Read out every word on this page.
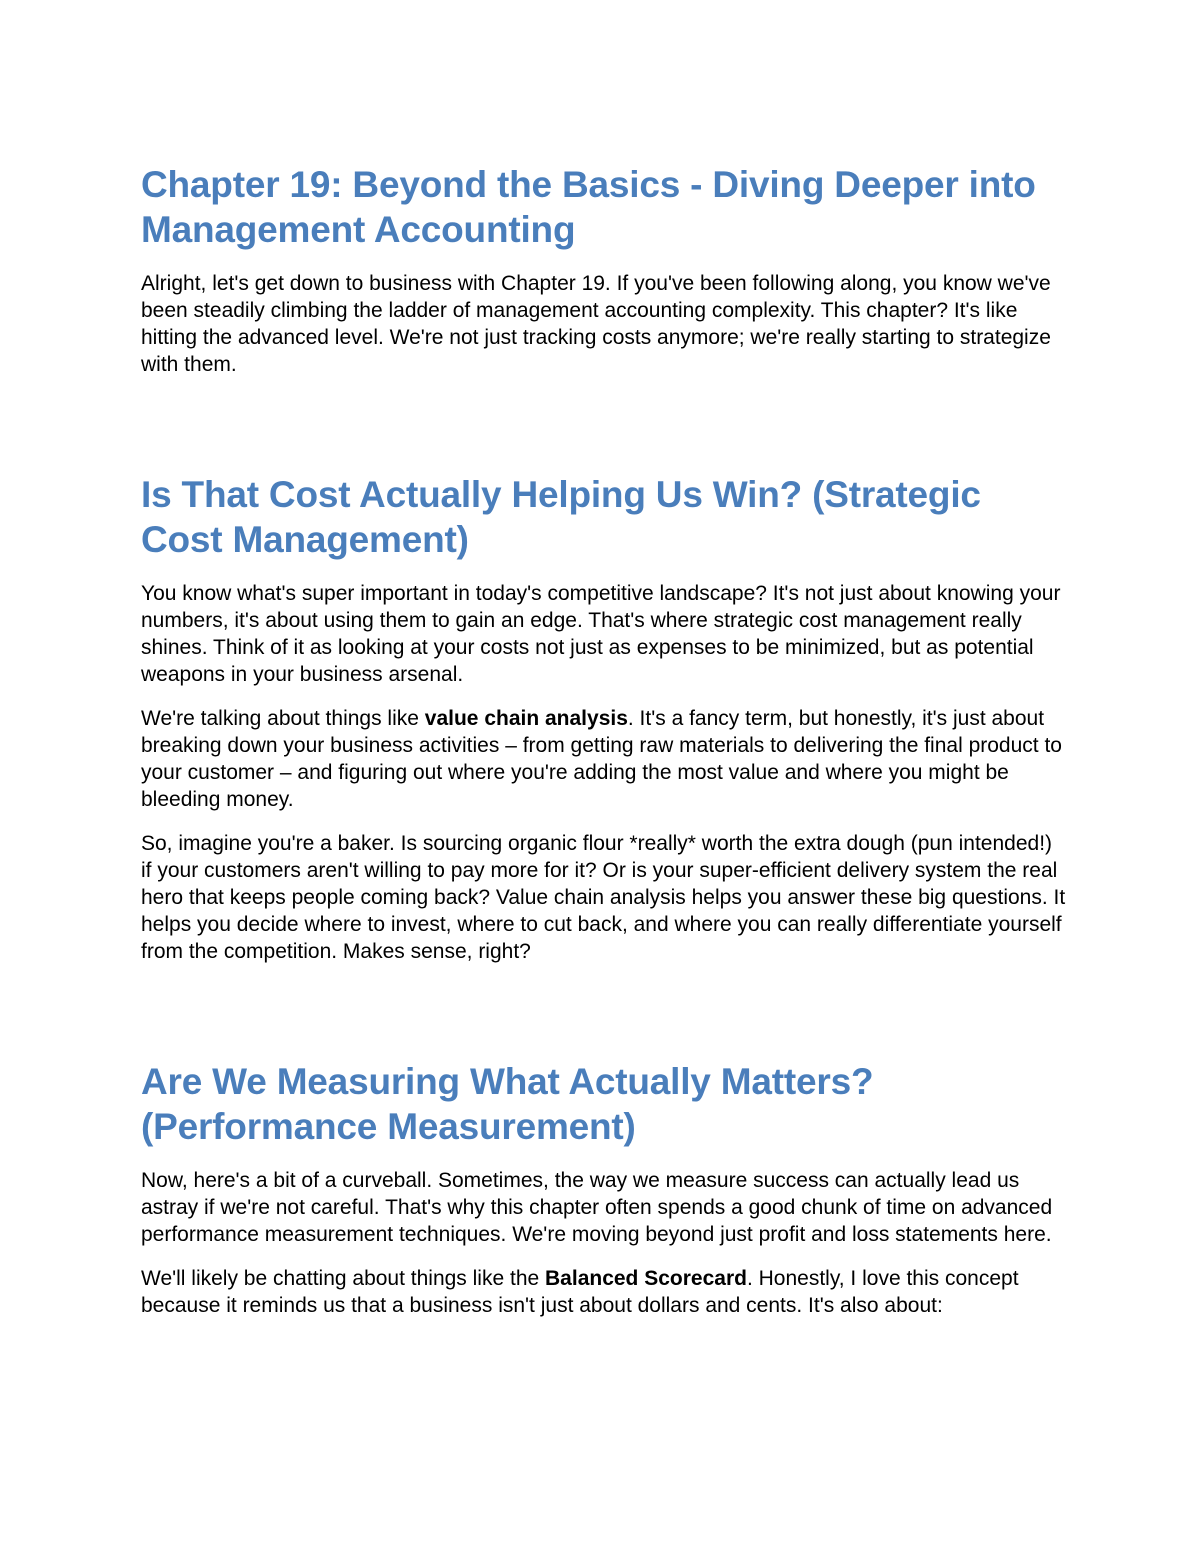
Chapter 19: Beyond the Basics - Diving Deeper into Management Accounting

Alright, let's get down to business with Chapter 19. If you've been following along, you know we've been steadily climbing the ladder of management accounting complexity. This chapter? It's like hitting the advanced level. We're not just tracking costs anymore; we're really starting to strategize with them.

Is That Cost Actually Helping Us Win? (Strategic Cost Management)

You know what's super important in today's competitive landscape? It's not just about knowing your numbers, it's about using them to gain an edge. That's where strategic cost management really shines. Think of it as looking at your costs not just as expenses to be minimized, but as potential weapons in your business arsenal.

We're talking about things like value chain analysis. It's a fancy term, but honestly, it's just about breaking down your business activities – from getting raw materials to delivering the final product to your customer – and figuring out where you're adding the most value and where you might be bleeding money.

So, imagine you're a baker. Is sourcing organic flour *really* worth the extra dough (pun intended!) if your customers aren't willing to pay more for it? Or is your super-efficient delivery system the real hero that keeps people coming back? Value chain analysis helps you answer these big questions. It helps you decide where to invest, where to cut back, and where you can really differentiate yourself from the competition. Makes sense, right?

Are We Measuring What Actually Matters? (Performance Measurement)

Now, here's a bit of a curveball. Sometimes, the way we measure success can actually lead us astray if we're not careful. That's why this chapter often spends a good chunk of time on advanced performance measurement techniques. We're moving beyond just profit and loss statements here.

We'll likely be chatting about things like the Balanced Scorecard. Honestly, I love this concept because it reminds us that a business isn't just about dollars and cents. It's also about:
